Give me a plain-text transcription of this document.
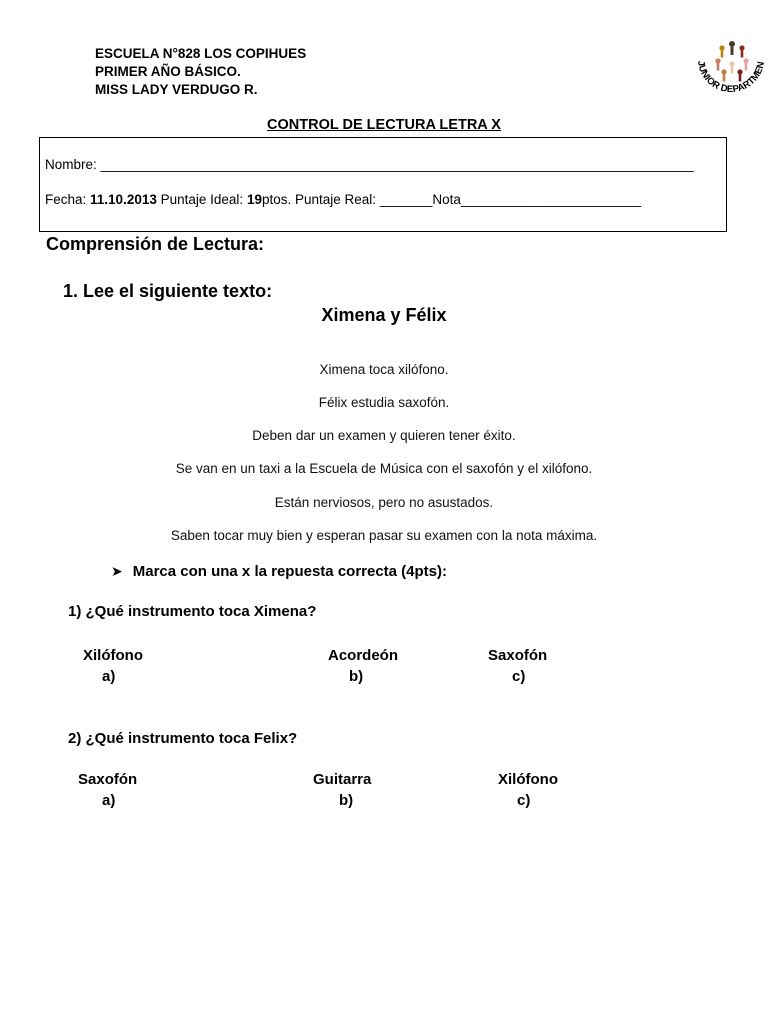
ESCUELA N°828 LOS COPIHUES
PRIMER AÑO BÁSICO.
MISS LADY VERDUGO R.
JUNIOR DEPARTMEN
CONTROL DE LECTURA LETRA X
Nombre: _______________________________________________________________________________
Fecha: 11.10.2013 Puntaje Ideal: 19ptos. Puntaje Real: _______Nota________________________
Comprensión de Lectura:
1. Lee el siguiente texto:
Ximena y Félix
Ximena toca xilófono.
Félix estudia saxofón.
Deben dar un examen y quieren tener éxito.
Se van en un taxi a la Escuela de Música con el saxofón y el xilófono.
Están nerviosos, pero no asustados.
Saben tocar muy bien y esperan pasar su examen con la nota máxima.
➤ Marca con una x la repuesta correcta (4pts):
1) ¿Qué instrumento toca Ximena?
Xilófono
a)
Acordeón
b)
Saxofón
c)
2) ¿Qué instrumento toca Felix?
Saxofón
a)
Guitarra
b)
Xilófono
c)
